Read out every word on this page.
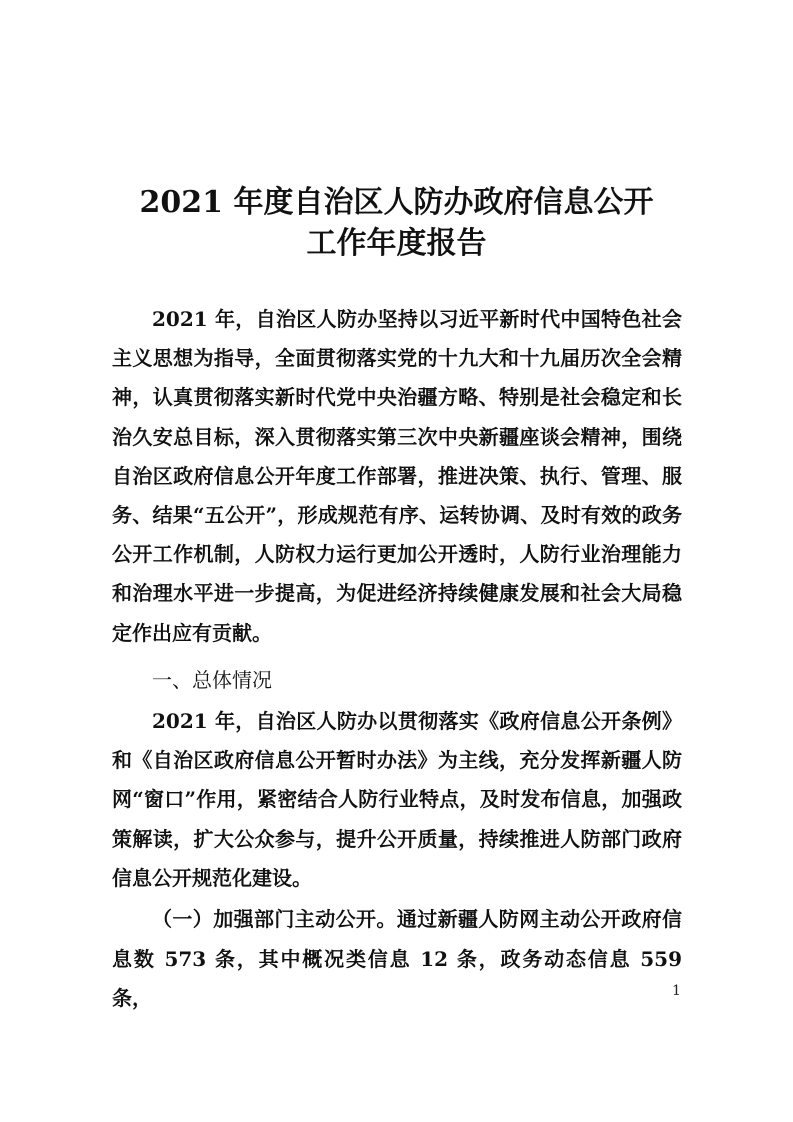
2021 年度自治区人防办政府信息公开
工作年度报告
2021 年，自治区人防办坚持以习近平新时代中国特色社会主义思想为指导，全面贯彻落实党的十九大和十九届历次全会精神，认真贯彻落实新时代党中央治疆方略、特别是社会稳定和长治久安总目标，深入贯彻落实第三次中央新疆座谈会精神，围绕自治区政府信息公开年度工作部署，推进决策、执行、管理、服务、结果“五公开”，形成规范有序、运转协调、及时有效的政务公开工作机制，人防权力运行更加公开透时，人防行业治理能力和治理水平进一步提高，为促进经济持续健康发展和社会大局稳定作出应有贡献。
一、总体情况
2021 年，自治区人防办以贯彻落实《政府信息公开条例》和《自治区政府信息公开暂时办法》为主线，充分发挥新疆人防网“窗口”作用，紧密结合人防行业特点，及时发布信息，加强政策解读，扩大公众参与，提升公开质量，持续推进人防部门政府信息公开规范化建设。
（一）加强部门主动公开。通过新疆人防网主动公开政府信息数 573 条，其中概况类信息 12 条，政务动态信息 559 条，	1
